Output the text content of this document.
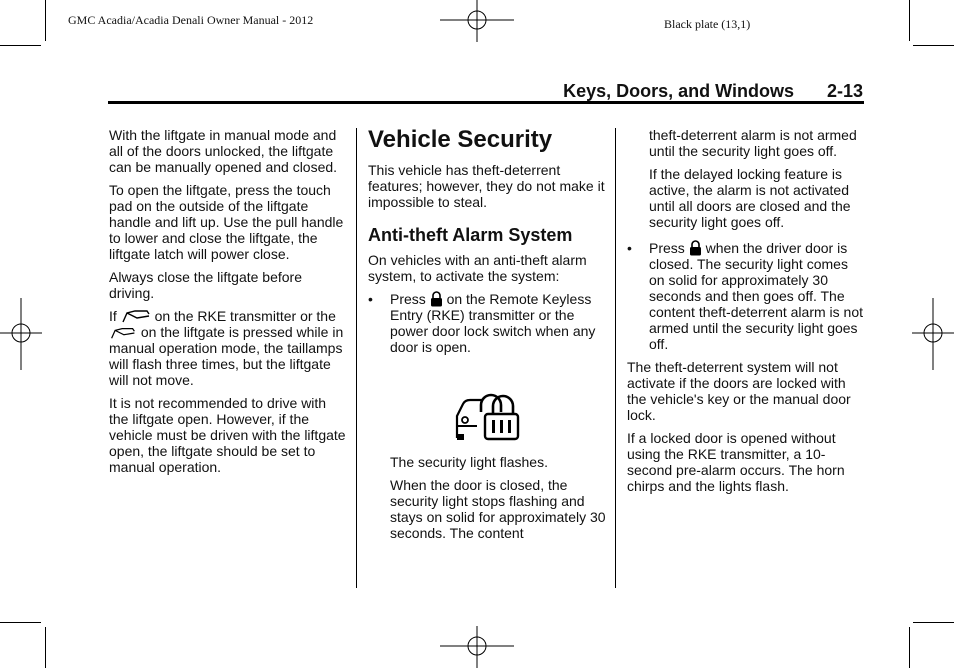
GMC Acadia/Acadia Denali Owner Manual - 2012	Black plate (13,1)
Keys, Doors, and Windows 2-13

With the liftgate in manual mode and all of the doors unlocked, the liftgate can be manually opened and closed.

To open the liftgate, press the touch pad on the outside of the liftgate handle and lift up. Use the pull handle to lower and close the liftgate, the liftgate latch will power close.

Always close the liftgate before driving.

If	on the RKE transmitter or the  on the liftgate is pressed while in manual operation mode, the taillamps will flash three times, but the liftgate will not move.

It is not recommended to drive with the liftgate open. However, if the vehicle must be driven with the liftgate open, the liftgate should be set to manual operation.

Vehicle Security

This vehicle has theft-deterrent features; however, they do not make it impossible to steal.

Anti-theft Alarm System

On vehicles with an anti-theft alarm system, to activate the system:

• Press on the Remote Keyless Entry (RKE) transmitter or the power door lock switch when any door is open.

The security light flashes.

When the door is closed, the security light stops flashing and stays on solid for approximately 30 seconds. The content

theft-deterrent alarm is not armed until the security light goes off.

If the delayed locking feature is active, the alarm is not activated until all doors are closed and the security light goes off.

• Press when the driver door is closed. The security light comes on solid for approximately 30 seconds and then goes off. The content theft-deterrent alarm is not armed until the security light goes off.

The theft-deterrent system will not activate if the doors are locked with the vehicle's key or the manual door lock.

If a locked door is opened without using the RKE transmitter, a 10-second pre-alarm occurs. The horn chirps and the lights flash.
